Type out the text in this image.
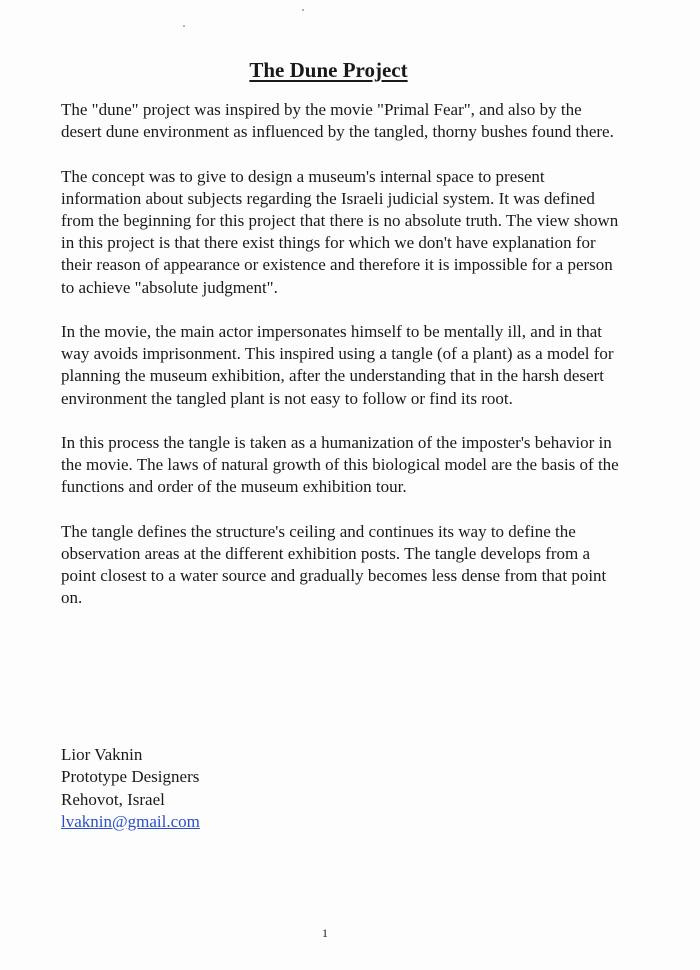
The Dune Project

The "dune" project was inspired by the movie "Primal Fear", and also by the desert dune environment as influenced by the tangled, thorny bushes found there.

The concept was to give to design a museum's internal space to present information about subjects regarding the Israeli judicial system. It was defined from the beginning for this project that there is no absolute truth. The view shown in this project is that there exist things for which we don't have explanation for their reason of appearance or existence and therefore it is impossible for a person to achieve "absolute judgment".

In the movie, the main actor impersonates himself to be mentally ill, and in that way avoids imprisonment. This inspired using a tangle (of a plant) as a model for planning the museum exhibition, after the understanding that in the harsh desert environment the tangled plant is not easy to follow or find its root.

In this process the tangle is taken as a humanization of the imposter's behavior in the movie. The laws of natural growth of this biological model are the basis of the functions and order of the museum exhibition tour.

The tangle defines the structure's ceiling and continues its way to define the observation areas at the different exhibition posts. The tangle develops from a point closest to a water source and gradually becomes less dense from that point on.

Lior Vaknin
Prototype Designers
Rehovot, Israel
lvaknin@gmail.com
1
